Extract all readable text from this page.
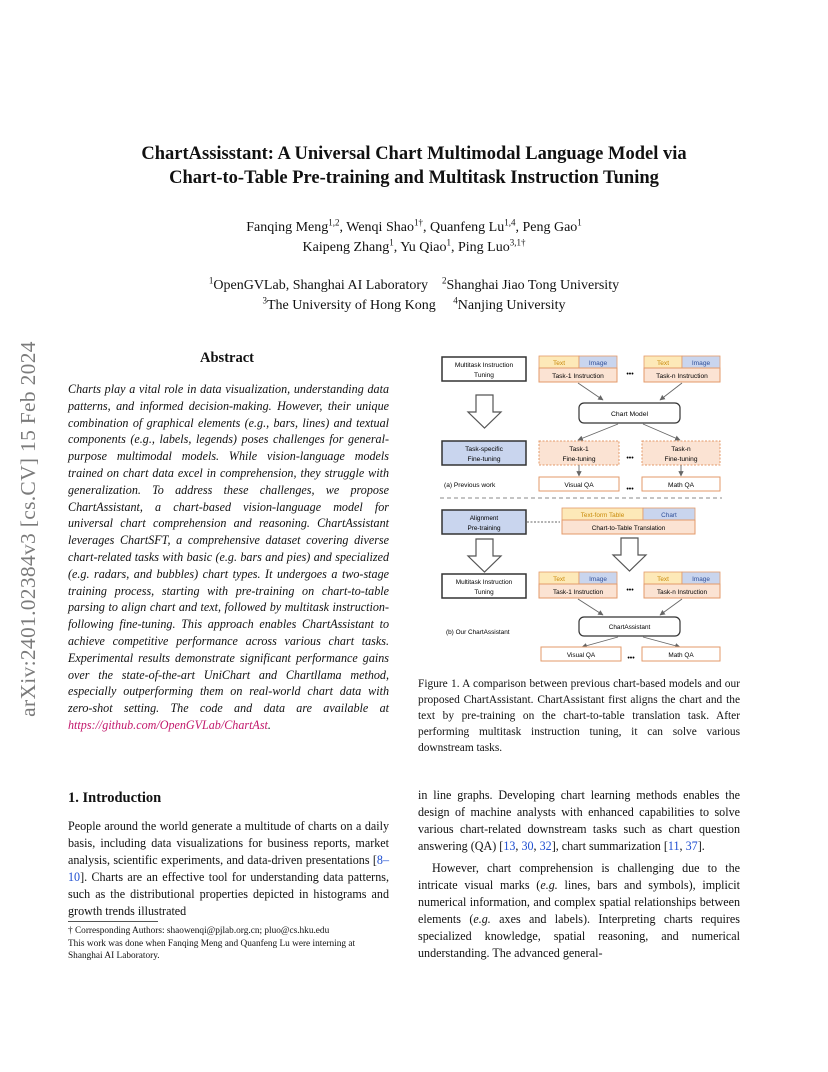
arXiv:2401.02384v3 [cs.CV] 15 Feb 2024
ChartAssisstant: A Universal Chart Multimodal Language Model via
Chart-to-Table Pre-training and Multitask Instruction Tuning
Fanqing Meng$^{1,2}$, Wenqi Shao$^{1\dagger}$, Quanfeng Lu$^{1,4}$, Peng Gao$^1$
Kaipeng Zhang$^1$, Yu Qiao$^1$, Ping Luo$^{3,1\dagger}$
$^1$OpenGVLab, Shanghai AI Laboratory $^2$Shanghai Jiao Tong University
$^3$The University of Hong Kong $^4$Nanjing University
Abstract
Charts play a vital role in data visualization, understanding data patterns, and informed decision-making. However, their unique combination of graphical elements (e.g., bars, lines) and textual components (e.g., labels, legends) poses challenges for general-purpose multimodal models. While vision-language models trained on chart data excel in comprehension, they struggle with generalization. To address these challenges, we propose ChartAssistant, a chart-based vision-language model for universal chart comprehension and reasoning. ChartAssistant leverages ChartSFT, a comprehensive dataset covering diverse chart-related tasks with basic (e.g. bars and pies) and specialized (e.g. radars, and bubbles) chart types. It undergoes a two-stage training process, starting with pre-training on chart-to-table parsing to align chart and text, followed by multitask instruction-following fine-tuning. This approach enables ChartAssistant to achieve competitive performance across various chart tasks. Experimental results demonstrate significant performance gains over the state-of-the-art UniChart and Chartllama method, especially outperforming them on real-world chart data with zero-shot setting. The code and data are available at https://github.com/OpenGVLab/ChartAst.
Multitask Instruction
Tuning
Text	Image
Task-1 Instruction	•••
Text	Image
Task-n Instruction
Chart Model
Task-specific
Fine-tuning
Task-1
Fine-tuning	•••
Task-n
Fine-tuning
(a) Previous work	Visual QA
•••
Math QA
Alignment
Pre-training
Text-form Table	Chart
Chart-to-Table Translation
Multitask Instruction
Tuning
Text	Image
Task-1 Instruction	•••
Text	Image
Task-n Instruction
(b) Our ChartAssistant
ChartAssistant
Visual QA	•••	Math QA
Figure 1. A comparison between previous chart-based models and our proposed ChartAssistant. ChartAssistant first aligns the chart and the text by pre-training on the chart-to-table translation task. After performing multitask instruction tuning, it can solve various downstream tasks.
1. Introduction
People around the world generate a multitude of charts on a daily basis, including data visualizations for business reports, market analysis, scientific experiments, and data-driven presentations [8–10]. Charts are an effective tool for understanding data patterns, such as the distributional properties depicted in histograms and growth trends illustrated
† Corresponding Authors: shaowenqi@pjlab.org.cn; pluo@cs.hku.edu
This work was done when Fanqing Meng and Quanfeng Lu were interning at Shanghai AI Laboratory.
in line graphs. Developing chart learning methods enables the design of machine analysts with enhanced capabilities to solve various chart-related downstream tasks such as chart question answering (QA) [13, 30, 32], chart summarization [11, 37].
However, chart comprehension is challenging due to the intricate visual marks (e.g. lines, bars and symbols), implicit numerical information, and complex spatial relationships between elements (e.g. axes and labels). Interpreting charts requires specialized knowledge, spatial reasoning, and numerical understanding. The advanced general-
